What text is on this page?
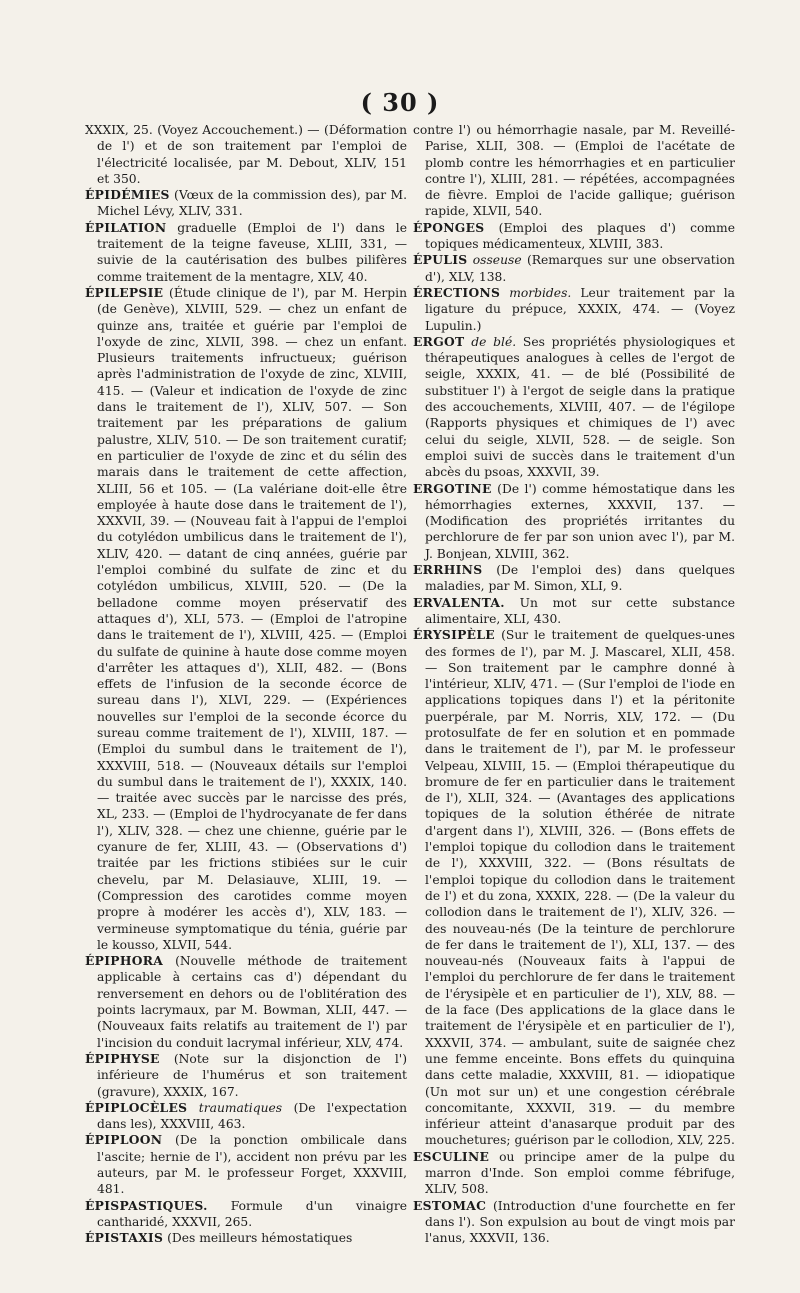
( 30 )

XXXIX, 25. (Voyez Accouchement.) — (Déformation de l') et de son traitement par l'emploi de l'électricité localisée, par M. Debout, XLIV, 151 et 350.

ÉPIDÉMIES (Vœux de la commission des), par M. Michel Lévy, XLIV, 331.

ÉPILATION graduelle (Emploi de l') dans le traitement de la teigne faveuse, XLIII, 331, — suivie de la cautérisation des bulbes pilifères comme traitement de la mentagre, XLV, 40.

ÉPILEPSIE (Étude clinique de l'), par M. Herpin (de Genève), XLVIII, 529. — chez un enfant de quinze ans, traitée et guérie par l'emploi de l'oxyde de zinc, XLVII, 398. — chez un enfant. Plusieurs traitements infructueux; guérison après l'administration de l'oxyde de zinc, XLVIII, 415. — (Valeur et indication de l'oxyde de zinc dans le traitement de l'), XLIV, 507. — Son traitement par les préparations de galium palustre, XLIV, 510. — De son traitement curatif; en particulier de l'oxyde de zinc et du sélin des marais dans le traitement de cette affection, XLIII, 56 et 105. — (La valériane doit-elle être employée à haute dose dans le traitement de l'), XXXVII, 39. — (Nouveau fait à l'appui de l'emploi du cotylédon umbilicus dans le traitement de l'), XLIV, 420. — datant de cinq années, guérie par l'emploi combiné du sulfate de zinc et du cotylédon umbilicus, XLVIII, 520. — (De la belladone comme moyen préservatif des attaques d'), XLI, 573. — (Emploi de l'atropine dans le traitement de l'), XLVIII, 425. — (Emploi du sulfate de quinine à haute dose comme moyen d'arrêter les attaques d'), XLII, 482. — (Bons effets de l'infusion de la seconde écorce de sureau dans l'), XLVI, 229. — (Expériences nouvelles sur l'emploi de la seconde écorce du sureau comme traitement de l'), XLVIII, 187. — (Emploi du sumbul dans le traitement de l'), XXXVIII, 518. — (Nouveaux détails sur l'emploi du sumbul dans le traitement de l'), XXXIX, 140. — traitée avec succès par le narcisse des prés, XL, 233. — (Emploi de l'hydrocyanate de fer dans l'), XLIV, 328. — chez une chienne, guérie par le cyanure de fer, XLIII, 43. — (Observations d') traitée par les frictions stibiées sur le cuir chevelu, par M. Delasiauve, XLIII, 19. — (Compression des carotides comme moyen propre à modérer les accès d'), XLV, 183. — vermineuse symptomatique du ténia, guérie par le kousso, XLVII, 544.

ÉPIPHORA (Nouvelle méthode de traitement applicable à certains cas d') dépendant du renversement en dehors ou de l'oblitération des points lacrymaux, par M. Bowman, XLII, 447. — (Nouveaux faits relatifs au traitement de l') par l'incision du conduit lacrymal inférieur, XLV, 474.

ÉPIPHYSE (Note sur la disjonction de l') inférieure de l'humérus et son traitement (gravure), XXXIX, 167.

ÉPIPLOCÈLES traumatiques (De l'expectation dans les), XXXVIII, 463.

ÉPIPLOON (De la ponction ombilicale dans l'ascite; hernie de l'), accident non prévu par les auteurs, par M. le professeur Forget, XXXVIII, 481.

ÉPISPASTIQUES. Formule d'un vinaigre cantharidé, XXXVII, 265.

ÉPISTAXIS (Des meilleurs hémostatiques

contre l') ou hémorrhagie nasale, par M. Reveillé-Parise, XLII, 308. — (Emploi de l'acétate de plomb contre les hémorrhagies et en particulier contre l'), XLIII, 281. — répétées, accompagnées de fièvre. Emploi de l'acide gallique; guérison rapide, XLVII, 540.

ÉPONGES (Emploi des plaques d') comme topiques médicamenteux, XLVIII, 383.

ÉPULIS osseuse (Remarques sur une observation d'), XLV, 138.

ÉRECTIONS morbides. Leur traitement par la ligature du prépuce, XXXIX, 474. — (Voyez Lupulin.)

ERGOT de blé. Ses propriétés physiologiques et thérapeutiques analogues à celles de l'ergot de seigle, XXXIX, 41. — de blé (Possibilité de substituer l') à l'ergot de seigle dans la pratique des accouchements, XLVIII, 407. — de l'égilope (Rapports physiques et chimiques de l') avec celui du seigle, XLVII, 528. — de seigle. Son emploi suivi de succès dans le traitement d'un abcès du psoas, XXXVII, 39.

ERGOTINE (De l') comme hémostatique dans les hémorrhagies externes, XXXVII, 137. — (Modification des propriétés irritantes du perchlorure de fer par son union avec l'), par M. J. Bonjean, XLVIII, 362.

ERRHINS (De l'emploi des) dans quelques maladies, par M. Simon, XLI, 9.

ERVALENTA. Un mot sur cette substance alimentaire, XLI, 430.

ÉRYSIPÈLE (Sur le traitement de quelques-unes des formes de l'), par M. J. Mascarel, XLII, 458. — Son traitement par le camphre donné à l'intérieur, XLIV, 471. — (Sur l'emploi de l'iode en applications topiques dans l') et la péritonite puerpérale, par M. Norris, XLV, 172. — (Du protosulfate de fer en solution et en pommade dans le traitement de l'), par M. le professeur Velpeau, XLVIII, 15. — (Emploi thérapeutique du bromure de fer en particulier dans le traitement de l'), XLII, 324. — (Avantages des applications topiques de la solution éthérée de nitrate d'argent dans l'), XLVIII, 326. — (Bons effets de l'emploi topique du collodion dans le traitement de l'), XXXVIII, 322. — (Bons résultats de l'emploi topique du collodion dans le traitement de l') et du zona, XXXIX, 228. — (De la valeur du collodion dans le traitement de l'), XLIV, 326. — des nouveau-nés (De la teinture de perchlorure de fer dans le traitement de l'), XLI, 137. — des nouveau-nés (Nouveaux faits à l'appui de l'emploi du perchlorure de fer dans le traitement de l'érysipèle et en particulier de l'), XLV, 88. — de la face (Des applications de la glace dans le traitement de l'érysipèle et en particulier de l'), XXXVII, 374. — ambulant, suite de saignée chez une femme enceinte. Bons effets du quinquina dans cette maladie, XXXVIII, 81. — idiopatique (Un mot sur un) et une congestion cérébrale concomitante, XXXVII, 319. — du membre inférieur atteint d'anasarque produit par des mouchetures; guérison par le collodion, XLV, 225.

ESCULINE ou principe amer de la pulpe du marron d'Inde. Son emploi comme fébrifuge, XLIV, 508.

ESTOMAC (Introduction d'une fourchette en fer dans l'). Son expulsion au bout de vingt mois par l'anus, XXXVII, 136.
